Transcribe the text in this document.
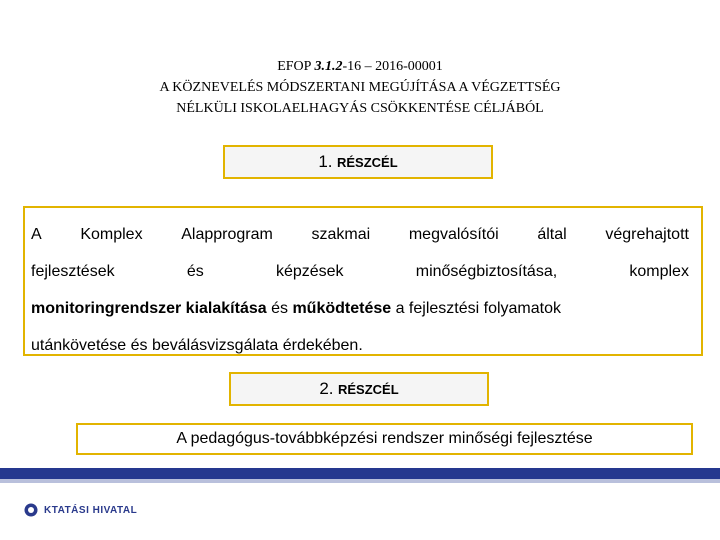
EFOP 3.1.2-16 – 2016-00001
A KÖZNEVELÉS MÓDSZERTANI MEGÚJÍTÁSA A VÉGZETTSÉG
NÉLKÜLI ISKOLAELHAGYÁS CSÖKKENTÉSE CÉLJÁBÓL
1. RÉSZCÉL
A Komplex Alapprogram szakmai megvalósítói által végrehajtott
fejlesztések	és	képzések	minőségbiztosítása,	komplex
monitoringrendszer kialakítása és működtetése a fejlesztési folyamatok
utánkövetése és beválásvizsgálata érdekében.
2. RÉSZCÉL
A pedagógus-továbbképzési rendszer minőségi fejlesztése
KTATÁSI HIVATAL
